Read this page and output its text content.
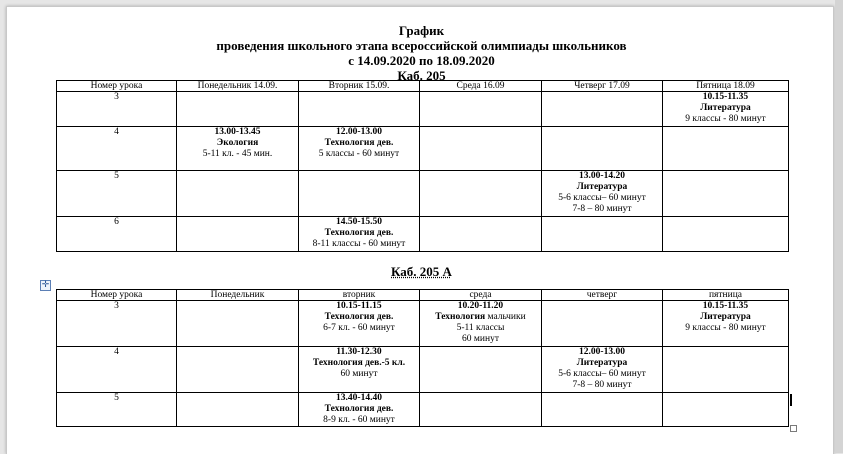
График
проведения школьного этапа всероссийской олимпиады школьников
с 14.09.2020 по 18.09.2020
Каб. 205
Номер урока	Понедельник 14.09.	Вторник 15.09.	Среда 16.09	Четверг 17.09	Пятница 18.09
3					10.15-11.35
Литература
9 классы - 80 минут

4	13.00-13.45
Экология
5-11 кл. - 45 мин.	12.00-13.00
Технология дев.
5 классы - 60 минут			

5				13.00-14.20
Литература
5-6 классы– 60 минут
7-8 – 80 минут	

6		14.50-15.50
Технология дев.
8-11 классы - 60 минут			

✛
Каб. 205 А
Номер урока	Понедельник	вторник	среда	четверг	пятница
3		10.15-11.15
Технология дев.
6-7 кл. - 60 минут	10.20-11.20
Технология мальчики
5-11 классы
60 минут		10.15-11.35
Литература
9 классы - 80 минут

4		11.30-12.30
Технология дев.-5 кл.
60 минут		12.00-13.00
Литература
5-6 классы– 60 минут
7-8 – 80 минут	

5		13.40-14.40
Технология дев.
8-9 кл. - 60 минут			
